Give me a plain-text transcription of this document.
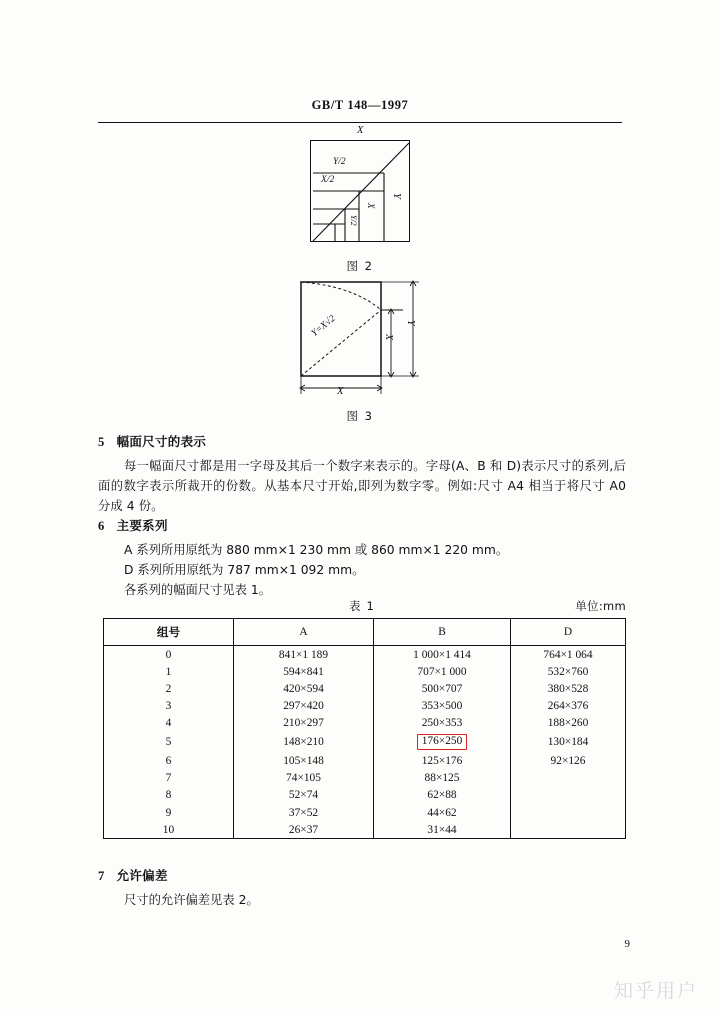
GB/T 148—1997
X
Y
Y/2
X/2
X
Y/2
图 2
Y=X√2	X
Y
X
图 3
5 幅面尺寸的表示
每一幅面尺寸都是用一字母及其后一个数字来表示的。字母(A、B 和 D)表示尺寸的系列,后面的数字表示所裁开的份数。从基本尺寸开始,即列为数字零。例如:尺寸 A4 相当于将尺寸 A0 分成 4 份。
6 主要系列
A 系列所用原纸为 880 mm×1 230 mm 或 860 mm×1 220 mm。
D 系列所用原纸为 787 mm×1 092 mm。
各系列的幅面尺寸见表 1。
表 1	单位:mm
组号	A	B	D
0	841×1 189	1 000×1 414	764×1 064
1	594×841	707×1 000	532×760
2	420×594	500×707	380×528
3	297×420	353×500	264×376
4	210×297	250×353	188×260
5	148×210	176×250	130×184
6	105×148	125×176	92×126
7	74×105	88×125	
8	52×74	62×88	
9	37×52	44×62	
10	26×37	31×44	
7 允许偏差
尺寸的允许偏差见表 2。
9
知乎用户
